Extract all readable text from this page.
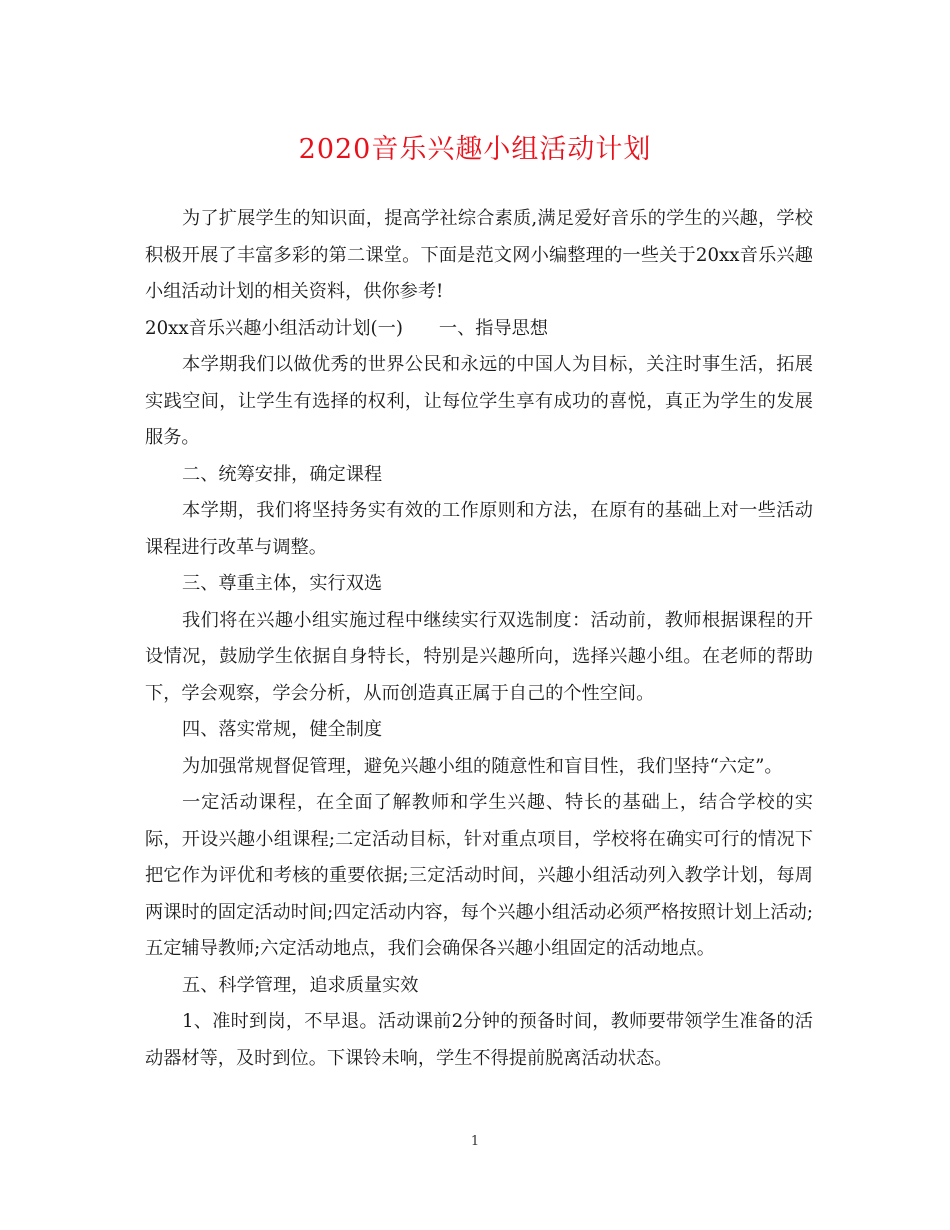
2020音乐兴趣小组活动计划

为了扩展学生的知识面，提高学社综合素质,满足爱好音乐的学生的兴趣，学校积极开展了丰富多彩的第二课堂。下面是范文网小编整理的一些关于20xx音乐兴趣小组活动计划的相关资料，供你参考!

20xx音乐兴趣小组活动计划(一) 一、指导思想

本学期我们以做优秀的世界公民和永远的中国人为目标，关注时事生活，拓展实践空间，让学生有选择的权利，让每位学生享有成功的喜悦，真正为学生的发展服务。

二、统筹安排，确定课程

本学期，我们将坚持务实有效的工作原则和方法，在原有的基础上对一些活动课程进行改革与调整。

三、尊重主体，实行双选

我们将在兴趣小组实施过程中继续实行双选制度：活动前，教师根据课程的开设情况，鼓励学生依据自身特长，特别是兴趣所向，选择兴趣小组。在老师的帮助下，学会观察，学会分析，从而创造真正属于自己的个性空间。

四、落实常规，健全制度

为加强常规督促管理，避免兴趣小组的随意性和盲目性，我们坚持“六定”。

一定活动课程，在全面了解教师和学生兴趣、特长的基础上，结合学校的实际，开设兴趣小组课程;二定活动目标，针对重点项目，学校将在确实可行的情况下把它作为评优和考核的重要依据;三定活动时间，兴趣小组活动列入教学计划，每周两课时的固定活动时间;四定活动内容，每个兴趣小组活动必须严格按照计划上活动;五定辅导教师;六定活动地点，我们会确保各兴趣小组固定的活动地点。

五、科学管理，追求质量实效

1、准时到岗，不早退。活动课前2分钟的预备时间，教师要带领学生准备的活动器材等，及时到位。下课铃未响，学生不得提前脱离活动状态。

1
